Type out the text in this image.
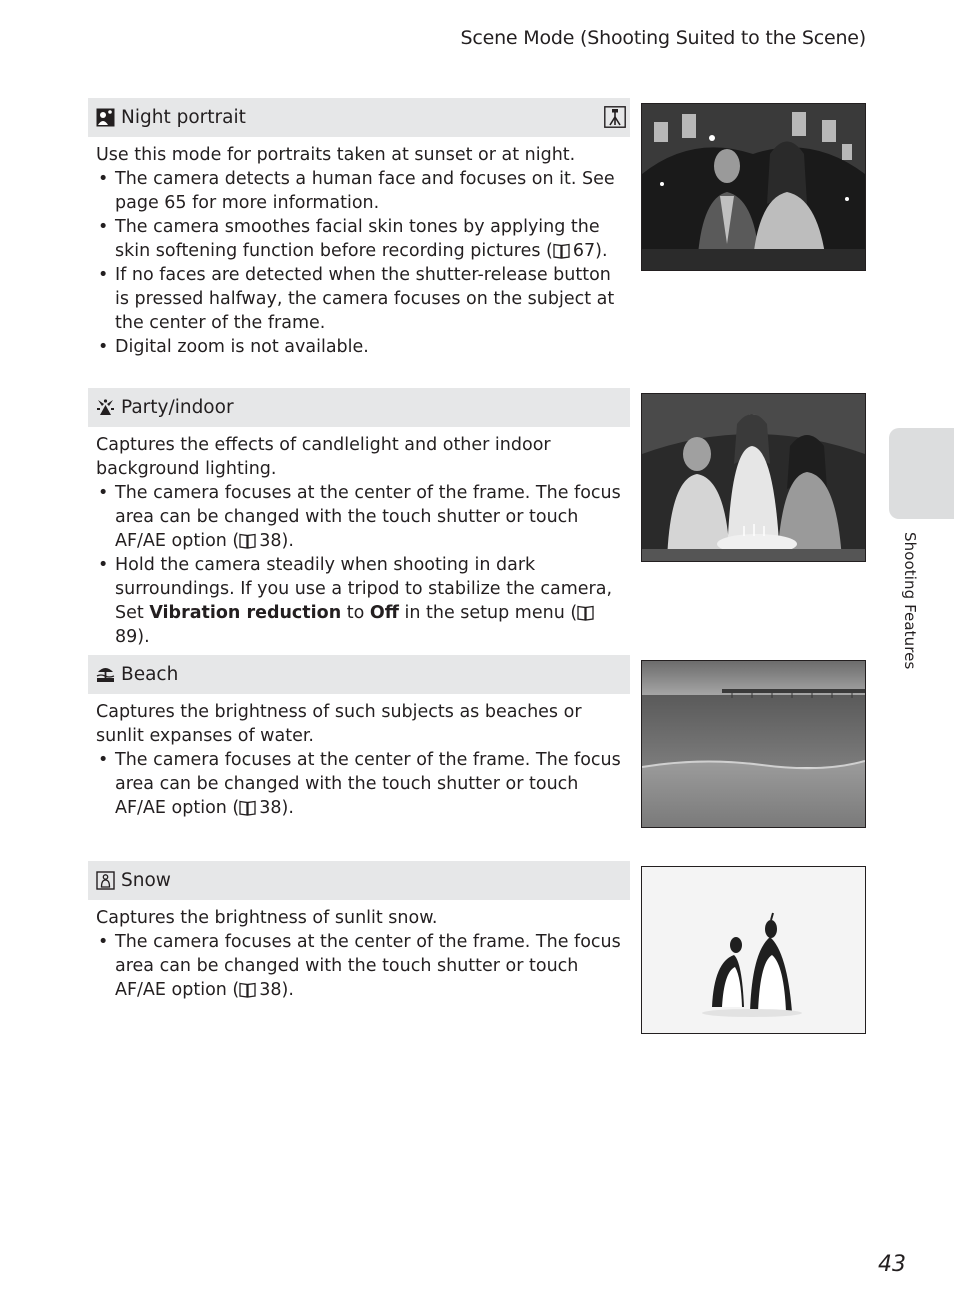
Scene Mode (Shooting Suited to the Scene)
Night portrait

Use this mode for portraits taken at sunset or at night.

• The camera detects a human face and focuses on it. See page 65 for more information.
• The camera smoothes facial skin tones by applying the skin softening function before recording pictures ( 67).
• If no faces are detected when the shutter-release button is pressed halfway, the camera focuses on the subject at the center of the frame.
• Digital zoom is not available.
Party/indoor

Captures the effects of candlelight and other indoor background lighting.

• The camera focuses at the center of the frame. The focus area can be changed with the touch shutter or touch AF/AE option ( 38).
• Hold the camera steadily when shooting in dark surroundings. If you use a tripod to stabilize the camera, Set Vibration reduction to Off in the setup menu (89).
Beach

Captures the brightness of such subjects as beaches or sunlit expanses of water.

• The camera focuses at the center of the frame. The focus area can be changed with the touch shutter or touch AF/AE option ( 38).
Snow

Captures the brightness of sunlit snow.

• The camera focuses at the center of the frame. The focus area can be changed with the touch shutter or touch AF/AE option ( 38).
Shooting Features
43
